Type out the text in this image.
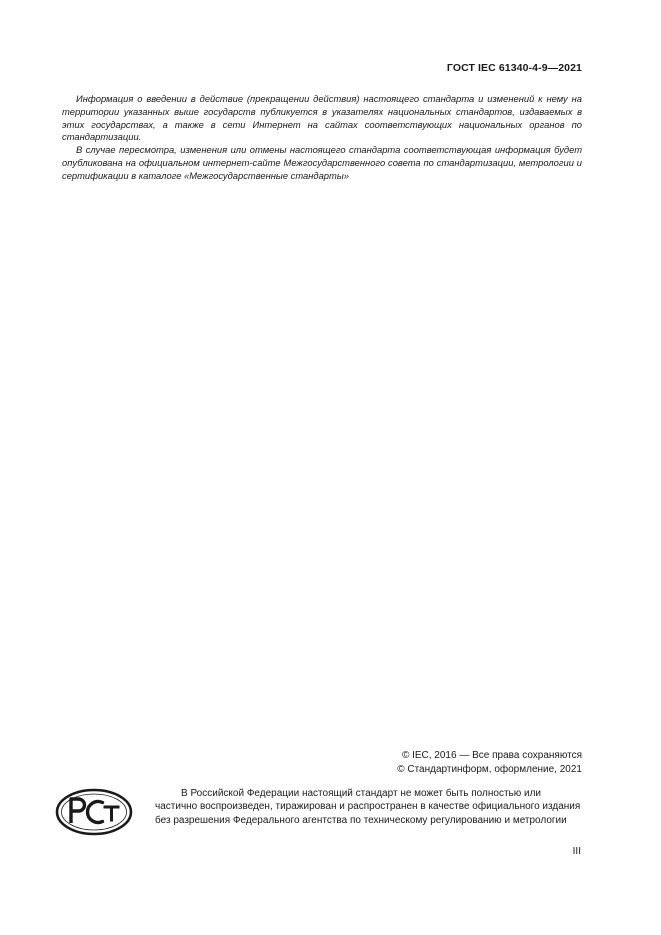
ГОСТ IEC 61340-4-9—2021

Информация о введении в действие (прекращении действия) настоящего стандарта и изменений к нему на территории указанных выше государств публикуется в указателях национальных стандартов, издаваемых в этих государствах, а также в сети Интернет на сайтах соответствующих национальных органов по стандартизации.

В случае пересмотра, изменения или отмены настоящего стандарта соответствующая информация будет опубликована на официальном интернет-сайте Межгосударственного совета по стандартизации, метрологии и сертификации в каталоге «Межгосударственные стандарты»

© IEC, 2016 — Все права сохраняются
© Стандартинформ, оформление, 2021
В Российской Федерации настоящий стандарт не может быть полностью или частично воспроизведен, тиражирован и распространен в качестве официального издания без разрешения Федерального агентства по техническому регулированию и метрологии
III
